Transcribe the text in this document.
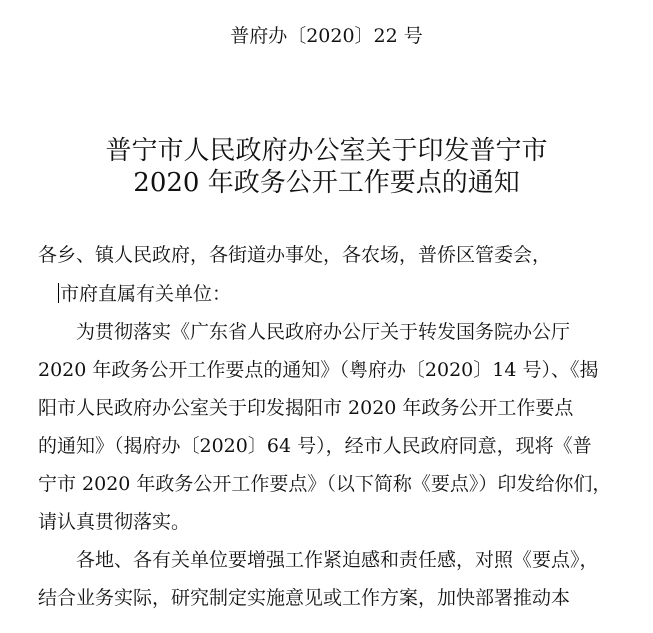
普府办〔2020〕22 号
普宁市人民政府办公室关于印发普宁市
2020 年政务公开工作要点的通知
各乡、镇人民政府，各街道办事处，各农场，普侨区管委会，
市府直属有关单位：
为贯彻落实《广东省人民政府办公厅关于转发国务院办公厅
2020 年政务公开工作要点的通知》（粤府办〔2020〕14 号）、《揭
阳市人民政府办公室关于印发揭阳市 2020 年政务公开工作要点
的通知》（揭府办〔2020〕64 号），经市人民政府同意，现将《普
宁市 2020 年政务公开工作要点》（以下简称《要点》）印发给你们，
请认真贯彻落实。
各地、各有关单位要增强工作紧迫感和责任感，对照《要点》，
结合业务实际，研究制定实施意见或工作方案，加快部署推动本
